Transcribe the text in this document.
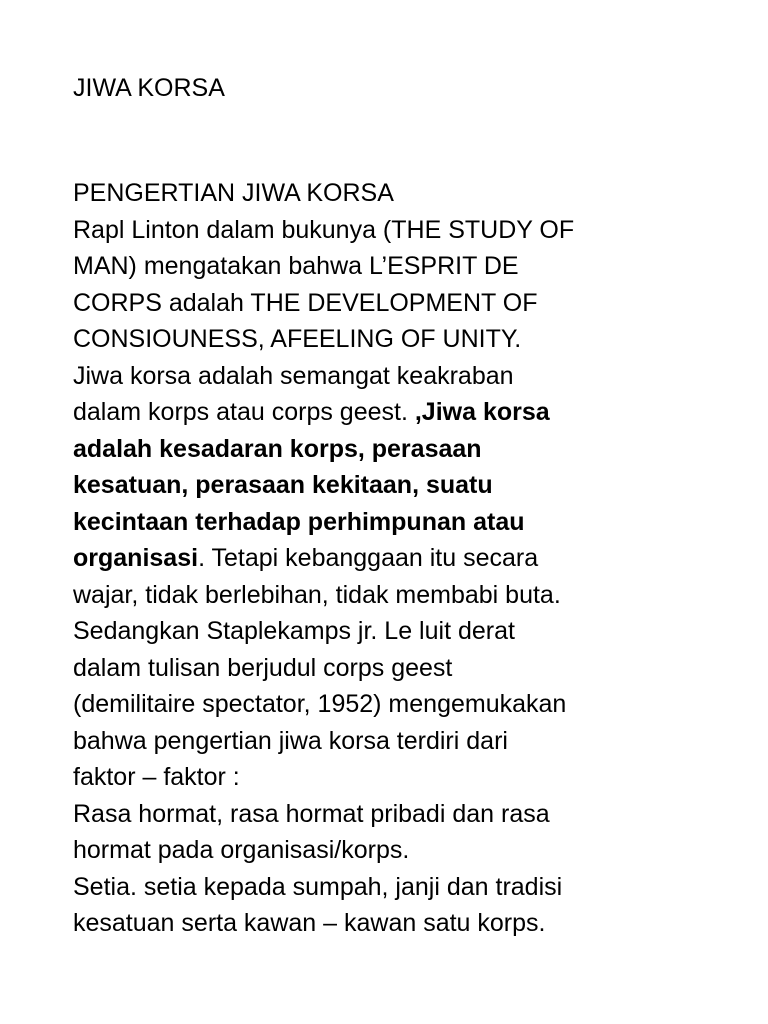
JIWA KORSA
PENGERTIAN JIWA KORSA
Rapl Linton dalam bukunya (THE STUDY OF
MAN) mengatakan bahwa L’ESPRIT DE
CORPS adalah THE DEVELOPMENT OF
CONSIOUNESS, AFEELING OF UNITY.
Jiwa korsa adalah semangat keakraban
dalam korps atau corps geest. ,Jiwa korsa
adalah kesadaran korps, perasaan
kesatuan, perasaan kekitaan, suatu
kecintaan terhadap perhimpunan atau
organisasi. Tetapi kebanggaan itu secara
wajar, tidak berlebihan, tidak membabi buta.
Sedangkan Staplekamps jr. Le luit derat
dalam tulisan berjudul corps geest
(demilitaire spectator, 1952) mengemukakan
bahwa pengertian jiwa korsa terdiri dari
faktor – faktor :
Rasa hormat, rasa hormat pribadi dan rasa
hormat pada organisasi/korps.
Setia. setia kepada sumpah, janji dan tradisi
kesatuan serta kawan – kawan satu korps.
